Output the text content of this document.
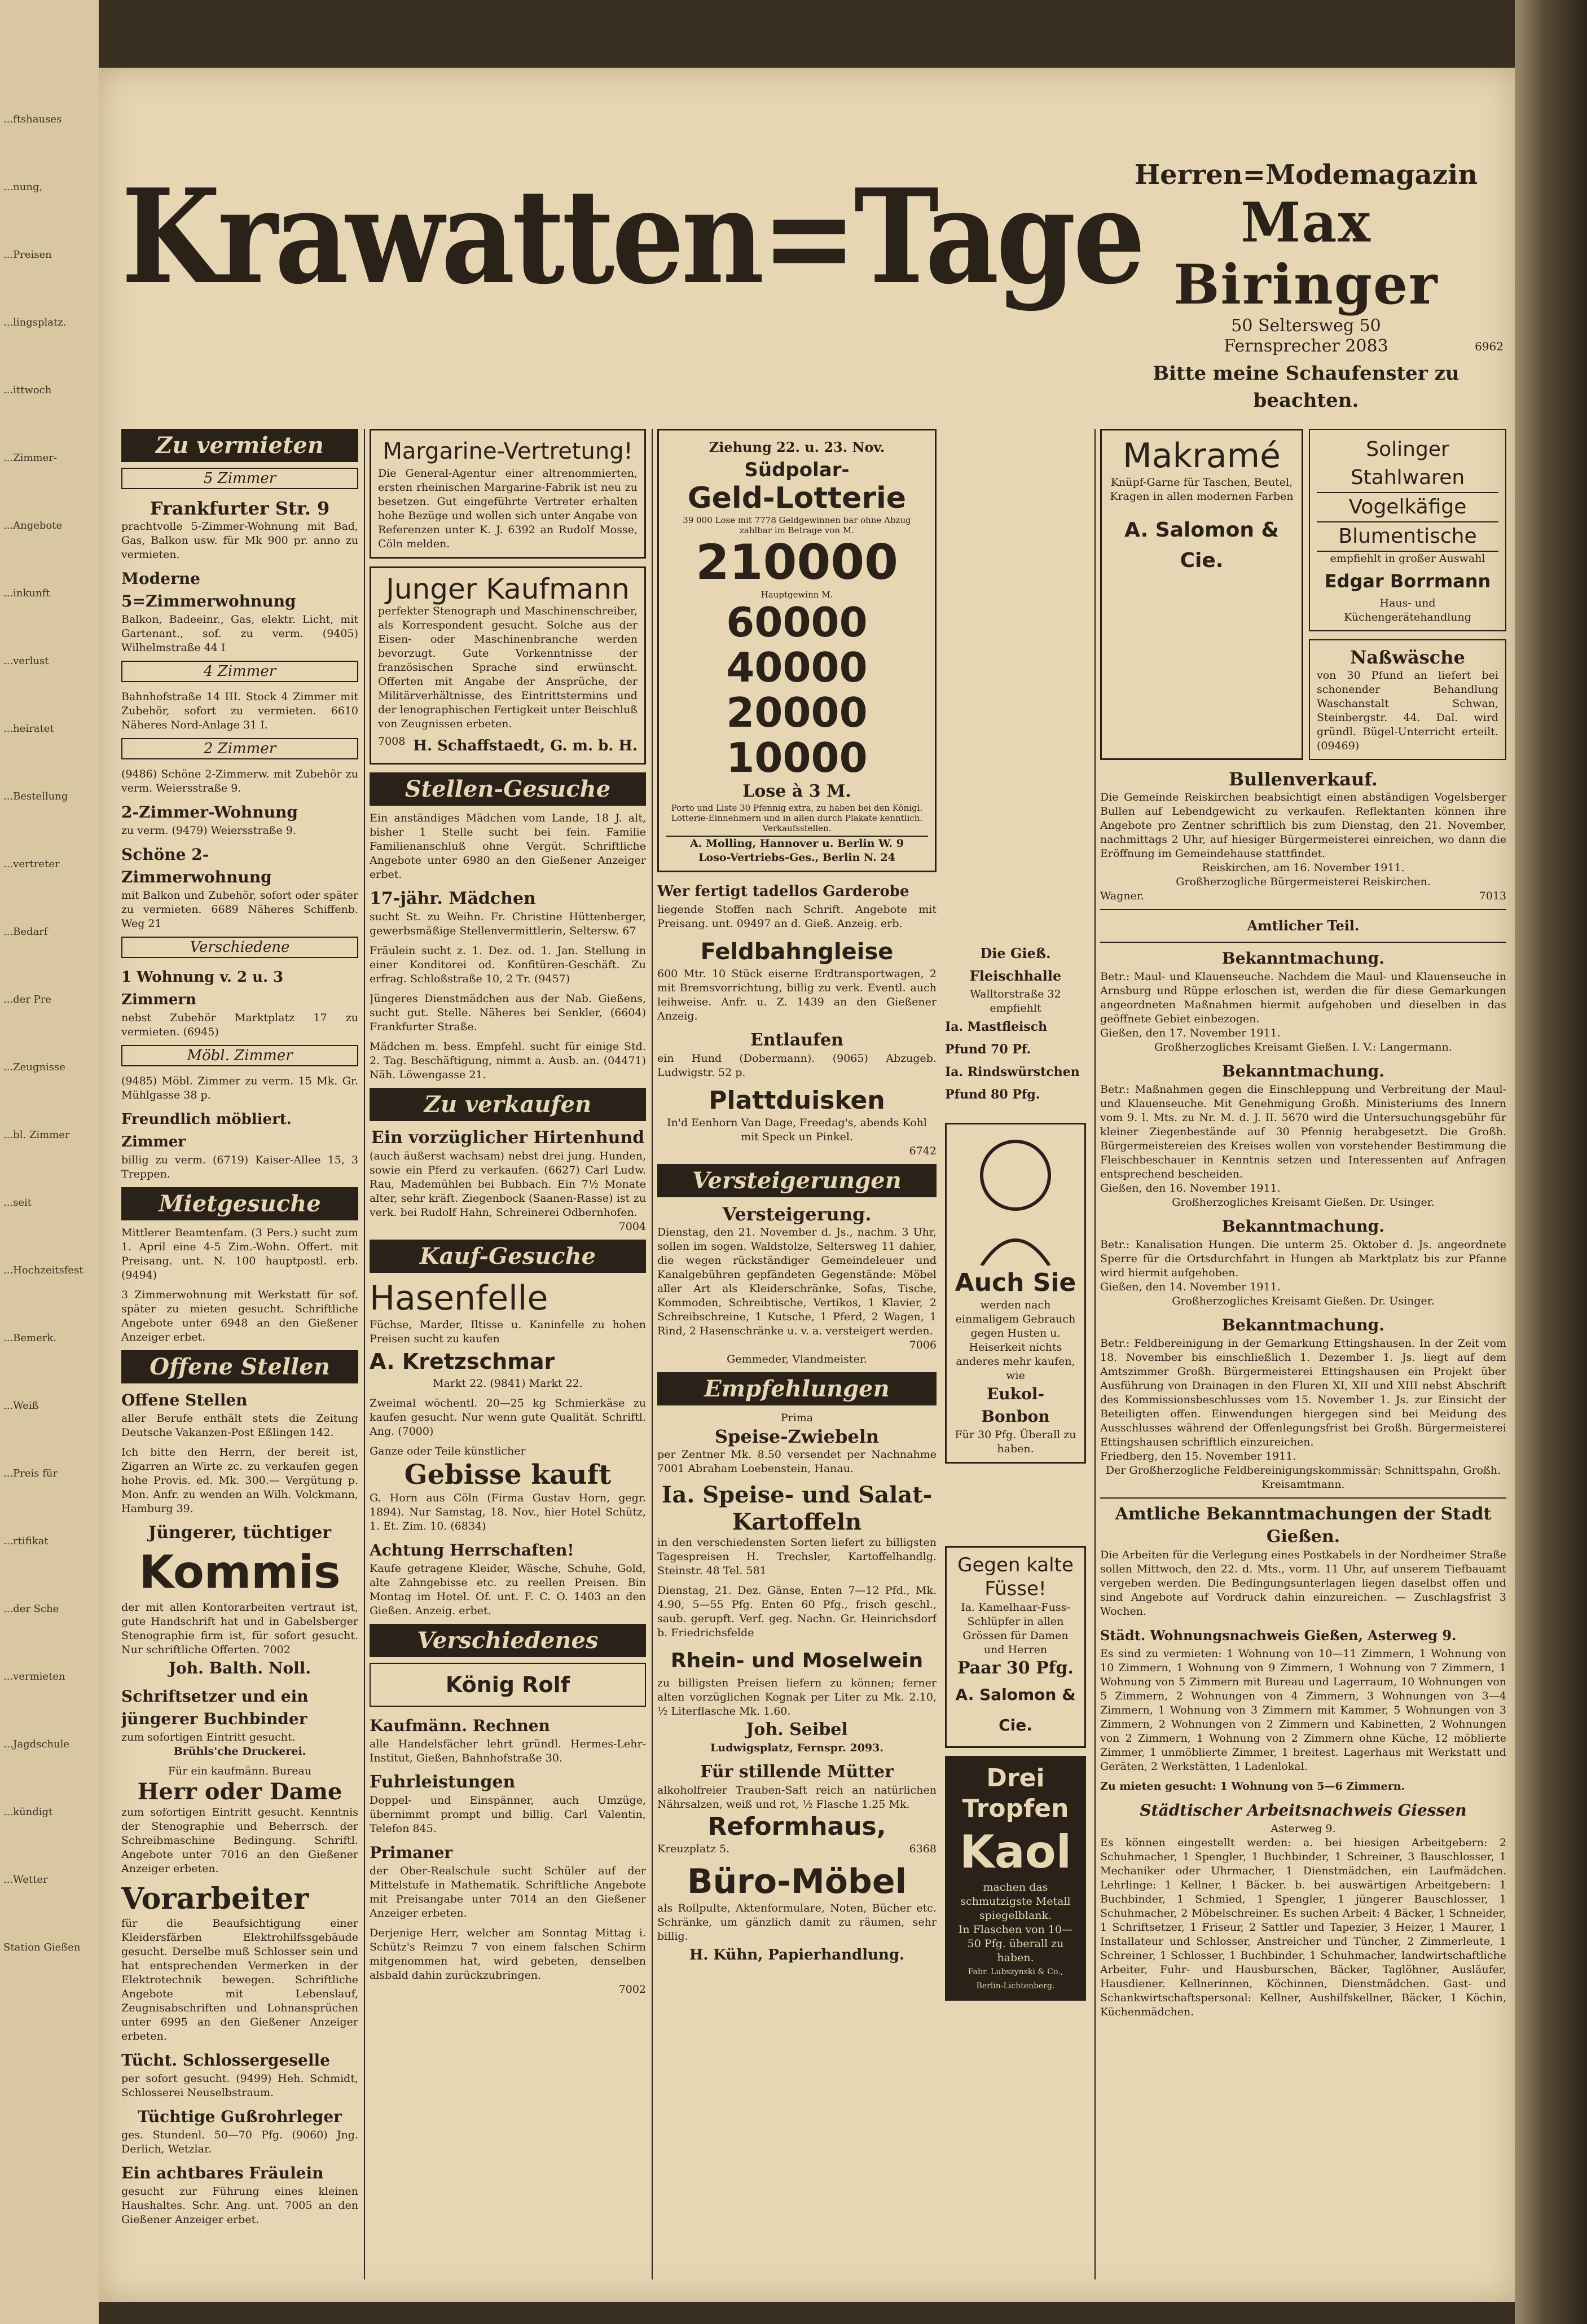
...ftshauses
...nung,
...Preisen
...lingsplatz.
...ittwoch
...Zimmer-
...Angebote
...inkunft
...verlust
...heiratet
...Bestellung
...vertreter
...Bedarf
...der Pre
...Zeugnisse
...bl. Zimmer
...seit
...Hochzeitsfest
...Bemerk.
...Weiß
...Preis für
...rtifikat
...der Sche
...vermieten
...Jagdschule
...kündigt
...Wetter
Station Gießen
Krawatten=Tage
Herren=Modemagazin
Max Biringer
50 Seltersweg 50
Fernsprecher 2083	6962
Bitte meine Schaufenster zu beachten.
Zu vermieten
5 Zimmer
Frankfurter Str. 9
prachtvolle 5-Zimmer-Wohnung mit Bad, Gas, Balkon usw. für Mk 900 pr. anno zu vermieten.
Moderne 5=Zimmerwohnung
Balkon, Badeeinr., Gas, elektr. Licht, mit Gartenant., sof. zu verm. (9405) Wilhelmstraße 44 I
4 Zimmer
Bahnhofstraße 14 III. Stock 4 Zimmer mit Zubehör, sofort zu vermieten. 6610 Näheres Nord-Anlage 31 I.
2 Zimmer
(9486) Schöne 2-Zimmerw. mit Zubehör zu verm. Weiersstraße 9.
2-Zimmer-Wohnung
zu verm. (9479) Weiersstraße 9.
Schöne 2-Zimmerwohnung
mit Balkon und Zubehör, sofort oder später zu vermieten. 6689 Näheres Schiffenb. Weg 21
Verschiedene
1 Wohnung v. 2 u. 3 Zimmern
nebst Zubehör Marktplatz 17 zu vermieten. (6945)
Möbl. Zimmer
(9485) Möbl. Zimmer zu verm. 15 Mk. Gr. Mühlgasse 38 p.
Freundlich möbliert. Zimmer
billig zu verm. (6719) Kaiser-Allee 15, 3 Treppen.
Mietgesuche
Mittlerer Beamtenfam. (3 Pers.) sucht zum 1. April eine 4-5 Zim.-Wohn. Offert. mit Preisang. unt. N. 100 hauptpostl. erb. (9494)
3 Zimmerwohnung mit Werkstatt für sof. später zu mieten gesucht. Schriftliche Angebote unter 6948 an den Gießener Anzeiger erbet.
Offene Stellen
Offene Stellen
aller Berufe enthält stets die Zeitung Deutsche Vakanzen-Post Eßlingen 142.
Ich bitte den Herrn, der bereit ist, Zigarren an Wirte zc. zu verkaufen gegen hohe Provis. ed. Mk. 300.— Vergütung p. Mon. Anfr. zu wenden an Wilh. Volckmann, Hamburg 39.
Jüngerer, tüchtiger
Kommis
der mit allen Kontorarbeiten vertraut ist, gute Handschrift hat und in Gabelsberger Stenographie firm ist, für sofort gesucht. Nur schriftliche Offerten. 7002
Joh. Balth. Noll.
Schriftsetzer und ein jüngerer Buchbinder
zum sofortigen Eintritt gesucht.
Brühls'che Druckerei.
Für ein kaufmänn. Bureau
Herr oder Dame
zum sofortigen Eintritt gesucht. Kenntnis der Stenographie und Beherrsch. der Schreibmaschine Bedingung. Schriftl. Angebote unter 7016 an den Gießener Anzeiger erbeten.
Vorarbeiter
für die Beaufsichtigung einer Kleidersfärben Elektrohilfssgebäude gesucht. Derselbe muß Schlosser sein und hat entsprechenden Vermerken in der Elektrotechnik bewegen. Schriftliche Angebote mit Lebenslauf, Zeugnisabschriften und Lohnansprüchen unter 6995 an den Gießener Anzeiger erbeten.
Tücht. Schlossergeselle
per sofort gesucht. (9499) Heh. Schmidt, Schlosserei Neuselbstraum.
Tüchtige Gußrohrleger
ges. Stundenl. 50—70 Pfg. (9060) Jng. Derlich, Wetzlar.
Ein achtbares Fräulein
gesucht zur Führung eines kleinen Haushaltes. Schr. Ang. unt. 7005 an den Gießener Anzeiger erbet.
Margarine-Vertretung!
Die General-Agentur einer altrenommierten, ersten rheinischen Margarine-Fabrik ist neu zu besetzen. Gut eingeführte Vertreter erhalten hohe Bezüge und wollen sich unter Angabe von Referenzen unter K. J. 6392 an Rudolf Mosse, Cöln melden.
Junger Kaufmann
perfekter Stenograph und Maschinenschreiber, als Korrespondent gesucht. Solche aus der Eisen- oder Maschinenbranche werden bevorzugt. Gute Vorkenntnisse der französischen Sprache sind erwünscht. Offerten mit Angabe der Ansprüche, der Militärverhältnisse, des Eintrittstermins und der lenographischen Fertigkeit unter Beischluß von Zeugnissen erbeten.
7008 H. Schaffstaedt, G. m. b. H.
Stellen-Gesuche
Ein anständiges Mädchen vom Lande, 18 J. alt, bisher 1 Stelle sucht bei fein. Familie Familienanschluß ohne Vergüt. Schriftliche Angebote unter 6980 an den Gießener Anzeiger erbet.
17-jähr. Mädchen
sucht St. zu Weihn. Fr. Christine Hüttenberger, gewerbsmäßige Stellenvermittlerin, Seltersw. 67
Fräulein sucht z. 1. Dez. od. 1. Jan. Stellung in einer Konditorei od. Konfitüren-Geschäft. Zu erfrag. Schloßstraße 10, 2 Tr. (9457)
Jüngeres Dienstmädchen aus der Nab. Gießens, sucht gut. Stelle. Näheres bei Senkler, (6604) Frankfurter Straße.
Mädchen m. bess. Empfehl. sucht für einige Std. 2. Tag. Beschäftigung, nimmt a. Ausb. an. (04471) Näh. Löwengasse 21.
Zu verkaufen
Ein vorzüglicher Hirtenhund
(auch äußerst wachsam) nebst drei jung. Hunden, sowie ein Pferd zu verkaufen. (6627) Carl Ludw. Rau, Mademühlen bei Bubbach. Ein 7½ Monate alter, sehr kräft. Ziegenbock (Saanen-Rasse) ist zu verk. bei Rudolf Hahn, Schreinerei Odbernhofen.
7004
Kauf-Gesuche
Hasenfelle
Füchse, Marder, Iltisse u. Kaninfelle zu hohen Preisen sucht zu kaufen
A. Kretzschmar
Markt 22. (9841) Markt 22.
Zweimal wöchentl. 20—25 kg Schmierkäse zu kaufen gesucht. Nur wenn gute Qualität. Schriftl. Ang. (7000)
Ganze oder Teile künstlicher
Gebisse kauft
G. Horn aus Cöln (Firma Gustav Horn, gegr. 1894). Nur Samstag, 18. Nov., hier Hotel Schütz, 1. Et. Zim. 10. (6834)
Achtung Herrschaften!
Kaufe getragene Kleider, Wäsche, Schuhe, Gold, alte Zahngebisse etc. zu reellen Preisen. Bin Montag im Hotel. Of. unt. F. C. O. 1403 an den Gießen. Anzeig. erbet.
Verschiedenes
König Rolf
Kaufmänn. Rechnen
alle Handelsfächer lehrt gründl. Hermes-Lehr-Institut, Gießen, Bahnhofstraße 30.
Fuhrleistungen
Doppel- und Einspänner, auch Umzüge, übernimmt prompt und billig. Carl Valentin, Telefon 845.
Primaner
der Ober-Realschule sucht Schüler auf der Mittelstufe in Mathematik. Schriftliche Angebote mit Preisangabe unter 7014 an den Gießener Anzeiger erbeten.
Derjenige Herr, welcher am Sonntag Mittag i. Schütz's Reimzu 7 von einem falschen Schirm mitgenommen hat, wird gebeten, denselben alsbald dahin zurückzubringen.
7002
Ziehung 22. u. 23. Nov.
Südpolar-
Geld-Lotterie
39 000 Lose mit 7778 Geldgewinnen bar ohne Abzug zahlbar im Betrage von M.
210000
Hauptgewinn M.
60000
40000
20000
10000
Lose à 3 M.
Porto und Liste 30 Pfennig extra, zu haben bei den Königl. Lotterie-Einnehmern und in allen durch Plakate kenntlich. Verkaufsstellen.
A. Molling, Hannover u. Berlin W. 9
Loso-Vertriebs-Ges., Berlin N. 24
Wer fertigt tadellos Garderobe
liegende Stoffen nach Schrift. Angebote mit Preisang. unt. 09497 an d. Gieß. Anzeig. erb.
Feldbahngleise
600 Mtr. 10 Stück eiserne Erdtransportwagen, 2 mit Bremsvorrichtung, billig zu verk. Eventl. auch leihweise. Anfr. u. Z. 1439 an den Gießener Anzeig.
Entlaufen
ein Hund (Dobermann). (9065) Abzugeb. Ludwigstr. 52 p.
Plattduisken
In'd Eenhorn Van Dage, Freedag's, abends Kohl mit Speck un Pinkel.
6742
Versteigerungen
Versteigerung.
Dienstag, den 21. November d. Js., nachm. 3 Uhr, sollen im sogen. Waldstolze, Seltersweg 11 dahier, die wegen rückständiger Gemeindeleuer und Kanalgebühren gepfändeten Gegenstände: Möbel aller Art als Kleiderschränke, Sofas, Tische, Kommoden, Schreibtische, Vertikos, 1 Klavier, 2 Schreibschreine, 1 Kutsche, 1 Pferd, 2 Wagen, 1 Rind, 2 Hasenschränke u. v. a. versteigert werden.
7006
Gemmeder, Vlandmeister.
Empfehlungen
Prima
Speise-Zwiebeln
per Zentner Mk. 8.50 versendet per Nachnahme 7001 Abraham Loebenstein, Hanau.
Ia. Speise- und Salat-Kartoffeln
in den verschiedensten Sorten liefert zu billigsten Tagespreisen H. Trechsler, Kartoffelhandlg. Steinstr. 48 Tel. 581
Dienstag, 21. Dez. Gänse, Enten 7—12 Pfd., Mk. 4.90, 5—55 Pfg. Enten 60 Pfg., frisch geschl., saub. gerupft. Verf. geg. Nachn. Gr. Heinrichsdorf b. Friedrichsfelde
Rhein- und Moselwein
zu billigsten Preisen liefern zu können; ferner alten vorzüglichen Kognak per Liter zu Mk. 2.10, ½ Literflasche Mk. 1.60.
Joh. Seibel
Ludwigsplatz, Fernspr. 2093.
Für stillende Mütter
alkoholfreier Trauben-Saft reich an natürlichen Nährsalzen, weiß und rot, ½ Flasche 1.25 Mk.
Reformhaus,
Kreuzplatz 5.	6368
Büro-Möbel
als Rollpulte, Aktenformulare, Noten, Bücher etc. Schränke, um gänzlich damit zu räumen, sehr billig.
H. Kühn, Papierhandlung.
Die Gieß. Fleischhalle
Walltorstraße 32 empfiehlt
Ia. Mastfleisch Pfund 70 Pf.
Ia. Rindswürstchen Pfund 80 Pfg.
Auch Sie
werden nach einmaligem Gebrauch gegen Husten u. Heiserkeit nichts anderes mehr kaufen, wie
Eukol-Bonbon
Für 30 Pfg. Überall zu haben.
Makramé
Knüpf-Garne für Taschen, Beutel, Kragen in allen modernen Farben
A. Salomon & Cie.
Solinger Stahlwaren
Vogelkäfige
Blumentische
empfiehlt in großer Auswahl
Edgar Borrmann
Haus- und Küchengerätehandlung
Naßwäsche
von 30 Pfund an liefert bei schonender Behandlung Waschanstalt Schwan, Steinbergstr. 44. Dal. wird gründl. Bügel-Unterricht erteilt. (09469)
Bullenverkauf.
Die Gemeinde Reiskirchen beabsichtigt einen abständigen Vogelsberger Bullen auf Lebendgewicht zu verkaufen. Reflektanten können ihre Angebote pro Zentner schriftlich bis zum Dienstag, den 21. November, nachmittags 2 Uhr, auf hiesiger Bürgermeisterei einreichen, wo dann die Eröffnung im Gemeindehause stattfindet.
Reiskirchen, am 16. November 1911.
Großherzogliche Bürgermeisterei Reiskirchen.
Wagner.	7013
Amtlicher Teil.
Bekanntmachung.
Betr.: Maul- und Klauenseuche. Nachdem die Maul- und Klauenseuche in Arnsburg und Rüppe erloschen ist, werden die für diese Gemarkungen angeordneten Maßnahmen hiermit aufgehoben und dieselben in das geöffnete Gebiet einbezogen.
Gießen, den 17. November 1911.
Großherzogliches Kreisamt Gießen. I. V.: Langermann.
Bekanntmachung.
Betr.: Maßnahmen gegen die Einschleppung und Verbreitung der Maul- und Klauenseuche. Mit Genehmigung Großh. Ministeriums des Innern vom 9. l. Mts. zu Nr. M. d. J. II. 5670 wird die Untersuchungsgebühr für kleiner Ziegenbestände auf 30 Pfennig herabgesetzt. Die Großh. Bürgermeistereien des Kreises wollen von vorstehender Bestimmung die Fleischbeschauer in Kenntnis setzen und Interessenten auf Anfragen entsprechend bescheiden.
Gießen, den 16. November 1911.
Großherzogliches Kreisamt Gießen. Dr. Usinger.
Bekanntmachung.
Betr.: Kanalisation Hungen. Die unterm 25. Oktober d. Js. angeordnete Sperre für die Ortsdurchfahrt in Hungen ab Marktplatz bis zur Pfanne wird hiermit aufgehoben.
Gießen, den 14. November 1911.
Großherzogliches Kreisamt Gießen. Dr. Usinger.
Bekanntmachung.
Betr.: Feldbereinigung in der Gemarkung Ettingshausen. In der Zeit vom 18. November bis einschließlich 1. Dezember 1. Js. liegt auf dem Amtszimmer Großh. Bürgermeisterei Ettingshausen ein Projekt über Ausführung von Drainagen in den Fluren XI, XII und XIII nebst Abschrift des Kommissionsbeschlusses vom 15. November 1. Js. zur Einsicht der Beteiligten offen. Einwendungen hiergegen sind bei Meidung des Ausschlusses während der Offenlegungsfrist bei Großh. Bürgermeisterei Ettingshausen schriftlich einzureichen.
Friedberg, den 15. November 1911.
Der Großherzogliche Feldbereinigungskommissär: Schnittspahn, Großh. Kreisamtmann.
Amtliche Bekanntmachungen der Stadt Gießen.
Die Arbeiten für die Verlegung eines Postkabels in der Nordheimer Straße sollen Mittwoch, den 22. d. Mts., vorm. 11 Uhr, auf unserem Tiefbauamt vergeben werden. Die Bedingungsunterlagen liegen daselbst offen und sind Angebote auf Vordruck dahin einzureichen. — Zuschlagsfrist 3 Wochen.
Städt. Wohnungsnachweis Gießen, Asterweg 9.
Es sind zu vermieten: 1 Wohnung von 10—11 Zimmern, 1 Wohnung von 10 Zimmern, 1 Wohnung von 9 Zimmern, 1 Wohnung von 7 Zimmern, 1 Wohnung von 5 Zimmern mit Bureau und Lagerraum, 10 Wohnungen von 5 Zimmern, 2 Wohnungen von 4 Zimmern, 3 Wohnungen von 3—4 Zimmern, 1 Wohnung von 3 Zimmern mit Kammer, 5 Wohnungen von 3 Zimmern, 2 Wohnungen von 2 Zimmern und Kabinetten, 2 Wohnungen von 2 Zimmern, 1 Wohnung von 2 Zimmern ohne Küche, 12 möblierte Zimmer, 1 unmöblierte Zimmer, 1 breitest. Lagerhaus mit Werkstatt und Geräten, 2 Werkstätten, 1 Ladenlokal.
Zu mieten gesucht: 1 Wohnung von 5—6 Zimmern.
Städtischer Arbeitsnachweis Giessen
Asterweg 9.
Es können eingestellt werden: a. bei hiesigen Arbeitgebern: 2 Schuhmacher, 1 Spengler, 1 Buchbinder, 1 Schreiner, 3 Bauschlosser, 1 Mechaniker oder Uhrmacher, 1 Dienstmädchen, ein Laufmädchen. Lehrlinge: 1 Kellner, 1 Bäcker. b. bei auswärtigen Arbeitgebern: 1 Buchbinder, 1 Schmied, 1 Spengler, 1 jüngerer Bauschlosser, 1 Schuhmacher, 2 Möbelschreiner. Es suchen Arbeit: 4 Bäcker, 1 Schneider, 1 Schriftsetzer, 1 Friseur, 2 Sattler und Tapezier, 3 Heizer, 1 Maurer, 1 Installateur und Schlosser, Anstreicher und Tüncher, 2 Zimmerleute, 1 Schreiner, 1 Schlosser, 1 Buchbinder, 1 Schuhmacher, landwirtschaftliche Arbeiter, Fuhr- und Hausburschen, Bäcker, Taglöhner, Ausläufer, Hausdiener. Kellnerinnen, Köchinnen, Dienstmädchen. Gast- und Schankwirtschaftspersonal: Kellner, Aushilfskellner, Bäcker, 1 Köchin, Küchenmädchen.
Gegen kalte Füsse!
Ia. Kamelhaar-Fuss-Schlüpfer in allen Grössen für Damen und Herren
Paar 30 Pfg.
A. Salomon & Cie.
Drei
Tropfen
Kaol
machen das schmutzigste Metall spiegelblank.
In Flaschen von 10—50 Pfg. überall zu haben.
Fabr. Lubszynski & Co., Berlin-Lichtenberg.
